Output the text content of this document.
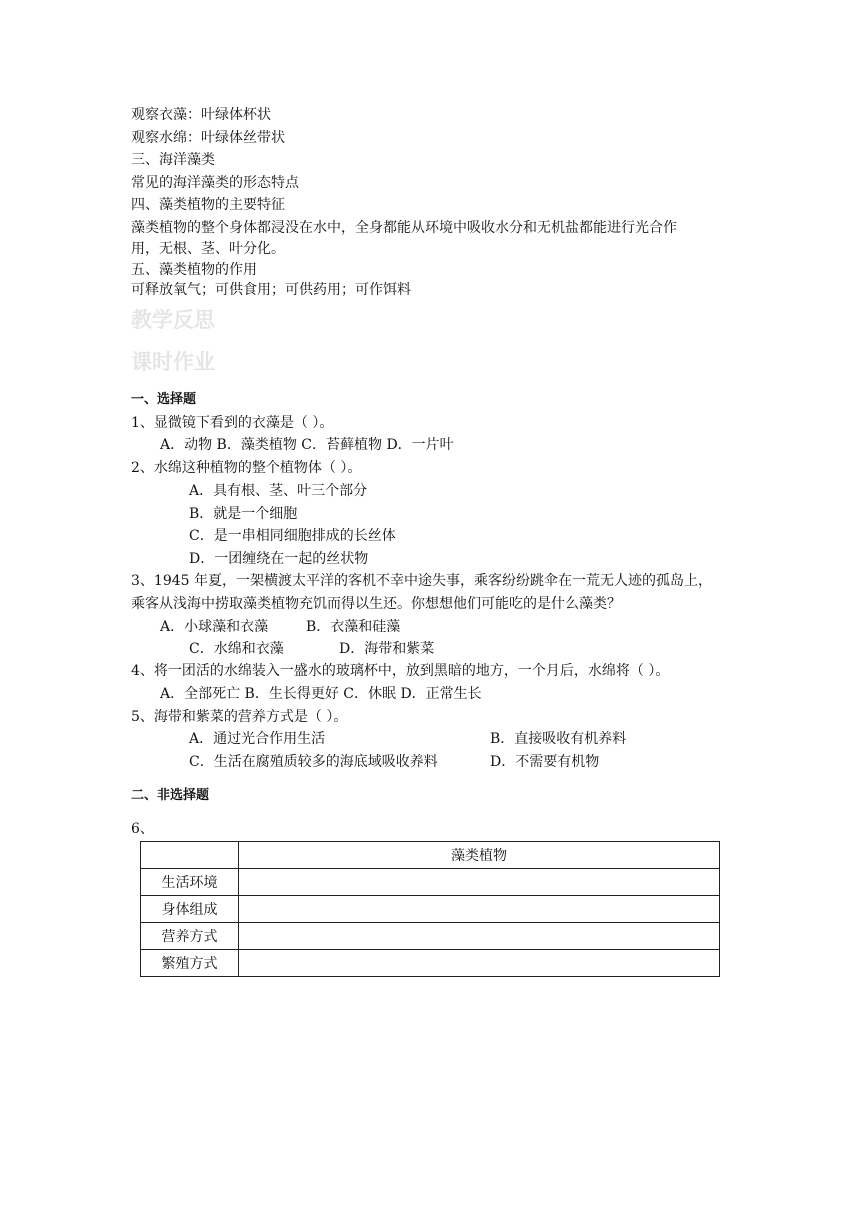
观察衣藻：叶绿体杯状
观察水绵：叶绿体丝带状
三、海洋藻类
常见的海洋藻类的形态特点
四、藻类植物的主要特征
藻类植物的整个身体都浸没在水中，全身都能从环境中吸收水分和无机盐都能进行光合作
用，无根、茎、叶分化。
五、藻类植物的作用
可释放氧气；可供食用；可供药用；可作饵料
教学反思
课时作业
一、选择题
1、显微镜下看到的衣藻是（ ）。
A．动物 B．藻类植物 C．苔藓植物 D．一片叶
2、水绵这种植物的整个植物体（ ）。
A．具有根、茎、叶三个部分
B．就是一个细胞
C．是一串相同细胞排成的长丝体
D．一团缠绕在一起的丝状物
3、1945 年夏，一架横渡太平洋的客机不幸中途失事，乘客纷纷跳伞在一荒无人迹的孤岛上，
乘客从浅海中捞取藻类植物充饥而得以生还。你想想他们可能吃的是什么藻类？
A．小球藻和衣藻	B．衣藻和硅藻
C．水绵和衣藻	D．海带和紫菜
4、将一团活的水绵装入一盛水的玻璃杯中，放到黑暗的地方，一个月后，水绵将（ ）。
A．全部死亡 B．生长得更好 C．休眠 D．正常生长
5、海带和紫菜的营养方式是（ ）。
A．通过光合作用生活	B．直接吸收有机养料
C．生活在腐殖质较多的海底域吸收养料	D．不需要有机物
二、非选择题
6、
	藻类植物
生活环境	
身体组成	
营养方式	
繁殖方式	
